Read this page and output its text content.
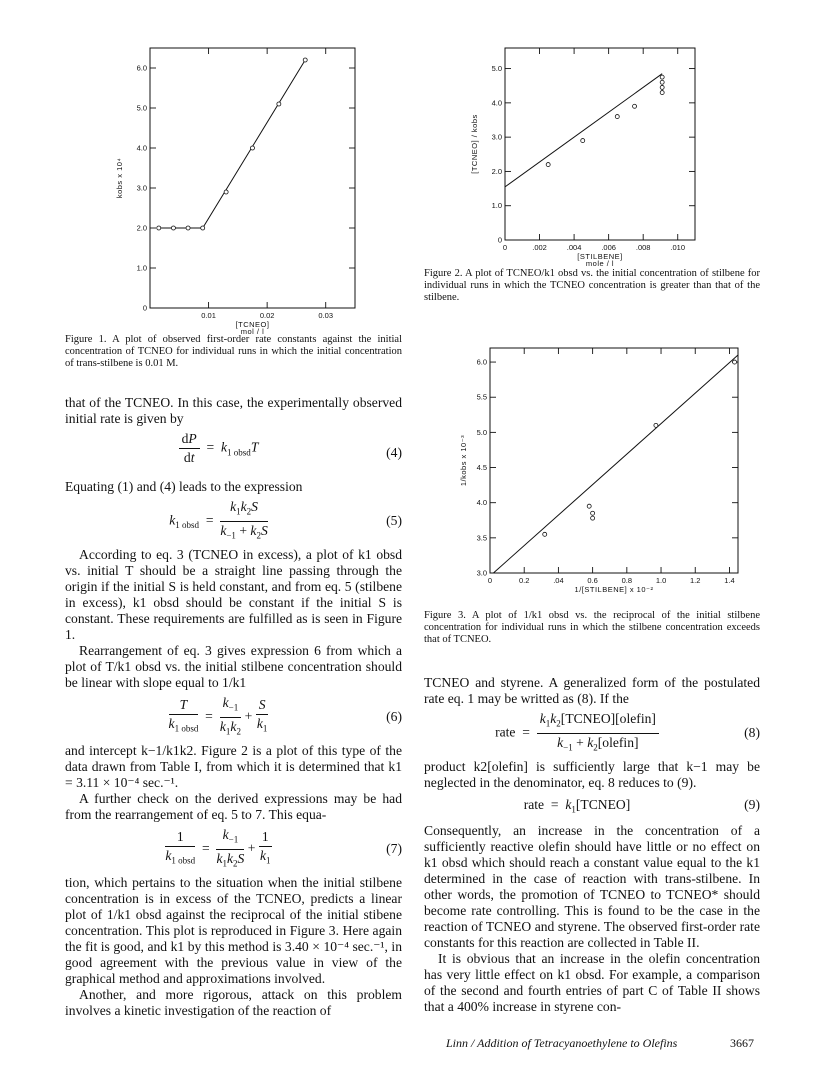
0
1.0
2.0
3.0
4.0
5.0
6.0
0.01	0.02	0.03
[TCNEO]
mol / l
kobs x 10⁴
Figure 1. A plot of observed first-order rate constants against the initial concentration of TCNEO for individual runs in which the initial concentration of trans-stilbene is 0.01 M.
0
1.0
2.0
3.0
4.0
5.0
0	.002	.004	.006	.008	.010
[STILBENE]
mole / l
[TCNEO] / kobs
Figure 2. A plot of TCNEO/k1 obsd vs. the initial concentration of stilbene for individual runs in which the TCNEO concentration is greater than that of the stilbene.
3.0
3.5
4.0
4.5
5.0
5.5
6.0
0	0.2	.04	0.6	0.8	1.0	1.2	1.4
1/[STILBENE] x 10⁻²
1/kobs x 10⁻³
Figure 3. A plot of 1/k1 obsd vs. the reciprocal of the initial stilbene concentration for individual runs in which the stilbene concentration exceeds that of TCNEO.

that of the TCNEO. In this case, the experimentally observed initial rate is given by

$\frac{dP}{dt} = k_{1 obsd}T$	(4)

Equating (1) and (4) leads to the expression

$k_{1 obsd} = \frac{k_1k_2S}{k_{-1} + k_2S}$	(5)

According to eq. 3 (TCNEO in excess), a plot of k1 obsd vs. initial T should be a straight line passing through the origin if the initial S is held constant, and from eq. 5 (stilbene in excess), k1 obsd should be constant if the initial S is constant. These requirements are fulfilled as is seen in Figure 1.

Rearrangement of eq. 3 gives expression 6 from which a plot of T/k1 obsd vs. the initial stilbene concentration should be linear with slope equal to 1/k1

$\frac{T}{k_{1 obsd}} = \frac{k_{-1}}{k_1k_2} + \frac{S}{k_1}$	(6)

and intercept k−1/k1k2. Figure 2 is a plot of this type of the data drawn from Table I, from which it is determined that k1 = 3.11 × 10⁻⁴ sec.⁻¹.

A further check on the derived expressions may be had from the rearrangement of eq. 5 to 7. This equa-

$\frac{1}{k_{1 obsd}} = \frac{k_{-1}}{k_1k_2S} + \frac{1}{k_1}$	(7)

tion, which pertains to the situation when the initial stilbene concentration is in excess of the TCNEO, predicts a linear plot of 1/k1 obsd against the reciprocal of the initial stibene concentration. This plot is reproduced in Figure 3. Here again the fit is good, and k1 by this method is 3.40 × 10⁻⁴ sec.⁻¹, in good agreement with the previous value in view of the graphical method and approximations involved.

Another, and more rigorous, attack on this problem involves a kinetic investigation of the reaction of

TCNEO and styrene. A generalized form of the postulated rate eq. 1 may be writted as (8). If the

rate  = $\frac{k_1k_2[TCNEO][olefin]}{k_{-1} + k_2[olefin]}$	(8)

product k2[olefin] is sufficiently large that k−1 may be neglected in the denominator, eq. 8 reduces to (9).

rate  =  $k_1[TCNEO]$	(9)

Consequently, an increase in the concentration of a sufficiently reactive olefin should have little or no effect on k1 obsd which should reach a constant value equal to the k1 determined in the case of reaction with trans-stilbene. In other words, the promotion of TCNEO to TCNEO* should become rate controlling. This is found to be the case in the reaction of TCNEO and styrene. The observed first-order rate constants for this reaction are collected in Table II.

It is obvious that an increase in the olefin concentration has very little effect on k1 obsd. For example, a comparison of the second and fourth entries of part C of Table II shows that a 400% increase in styrene con-

Linn / Addition of Tetracyanoethylene to Olefins	3667
